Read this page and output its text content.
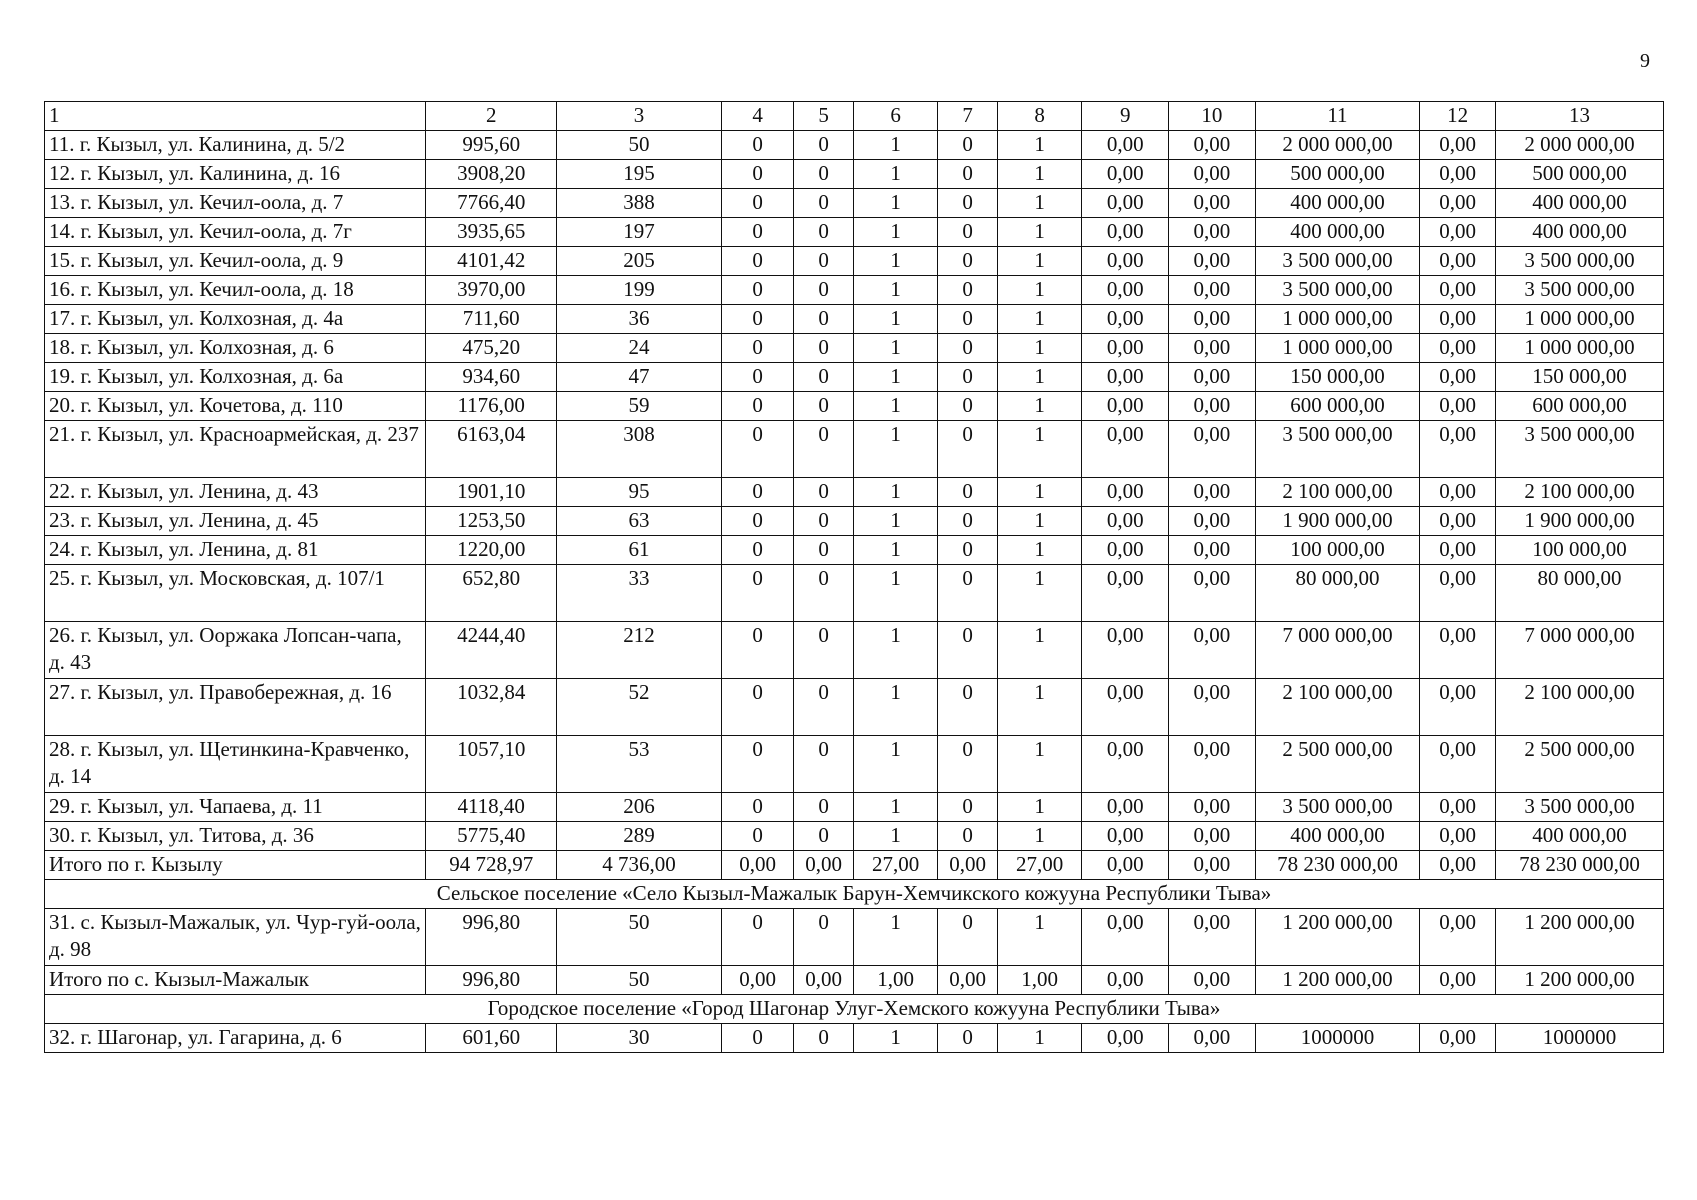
9
1	2	3	4	5	6	7	8	9	10	11	12	13
11. г. Кызыл, ул. Калинина, д. 5/2	995,60	50	0	0	1	0	1	0,00	0,00	2 000 000,00	0,00	2 000 000,00
12. г. Кызыл, ул. Калинина, д. 16	3908,20	195	0	0	1	0	1	0,00	0,00	500 000,00	0,00	500 000,00
13. г. Кызыл, ул. Кечил-оола, д. 7	7766,40	388	0	0	1	0	1	0,00	0,00	400 000,00	0,00	400 000,00
14. г. Кызыл, ул. Кечил-оола, д. 7г	3935,65	197	0	0	1	0	1	0,00	0,00	400 000,00	0,00	400 000,00
15. г. Кызыл, ул. Кечил-оола, д. 9	4101,42	205	0	0	1	0	1	0,00	0,00	3 500 000,00	0,00	3 500 000,00
16. г. Кызыл, ул. Кечил-оола, д. 18	3970,00	199	0	0	1	0	1	0,00	0,00	3 500 000,00	0,00	3 500 000,00
17. г. Кызыл, ул. Колхозная, д. 4а	711,60	36	0	0	1	0	1	0,00	0,00	1 000 000,00	0,00	1 000 000,00
18. г. Кызыл, ул. Колхозная, д. 6	475,20	24	0	0	1	0	1	0,00	0,00	1 000 000,00	0,00	1 000 000,00
19. г. Кызыл, ул. Колхозная, д. 6а	934,60	47	0	0	1	0	1	0,00	0,00	150 000,00	0,00	150 000,00
20. г. Кызыл, ул. Кочетова, д. 110	1176,00	59	0	0	1	0	1	0,00	0,00	600 000,00	0,00	600 000,00
21. г. Кызыл, ул. Красноармейская, д. 237	6163,04	308	0	0	1	0	1	0,00	0,00	3 500 000,00	0,00	3 500 000,00
22. г. Кызыл, ул. Ленина, д. 43	1901,10	95	0	0	1	0	1	0,00	0,00	2 100 000,00	0,00	2 100 000,00
23. г. Кызыл, ул. Ленина, д. 45	1253,50	63	0	0	1	0	1	0,00	0,00	1 900 000,00	0,00	1 900 000,00
24. г. Кызыл, ул. Ленина, д. 81	1220,00	61	0	0	1	0	1	0,00	0,00	100 000,00	0,00	100 000,00
25. г. Кызыл, ул. Московская, д. 107/1	652,80	33	0	0	1	0	1	0,00	0,00	80 000,00	0,00	80 000,00
26. г. Кызыл, ул. Ооржака Лопсан-чапа, д. 43	4244,40	212	0	0	1	0	1	0,00	0,00	7 000 000,00	0,00	7 000 000,00
27. г. Кызыл, ул. Правобережная, д. 16	1032,84	52	0	0	1	0	1	0,00	0,00	2 100 000,00	0,00	2 100 000,00
28. г. Кызыл, ул. Щетинкина-Кравченко, д. 14	1057,10	53	0	0	1	0	1	0,00	0,00	2 500 000,00	0,00	2 500 000,00
29. г. Кызыл, ул. Чапаева, д. 11	4118,40	206	0	0	1	0	1	0,00	0,00	3 500 000,00	0,00	3 500 000,00
30. г. Кызыл, ул. Титова, д. 36	5775,40	289	0	0	1	0	1	0,00	0,00	400 000,00	0,00	400 000,00
Итого по г. Кызылу	94 728,97	4 736,00	0,00	0,00	27,00	0,00	27,00	0,00	0,00	78 230 000,00	0,00	78 230 000,00
Сельское поселение «Село Кызыл-Мажалык Барун-Хемчикского кожууна Республики Тыва»												
31. с. Кызыл-Мажалык, ул. Чур-гуй-оола, д. 98	996,80	50	0	0	1	0	1	0,00	0,00	1 200 000,00	0,00	1 200 000,00
Итого по с. Кызыл-Мажалык	996,80	50	0,00	0,00	1,00	0,00	1,00	0,00	0,00	1 200 000,00	0,00	1 200 000,00
Городское поселение «Город Шагонар Улуг-Хемского кожууна Республики Тыва»												
32. г. Шагонар, ул. Гагарина, д. 6	601,60	30	0	0	1	0	1	0,00	0,00	1000000	0,00	1000000
